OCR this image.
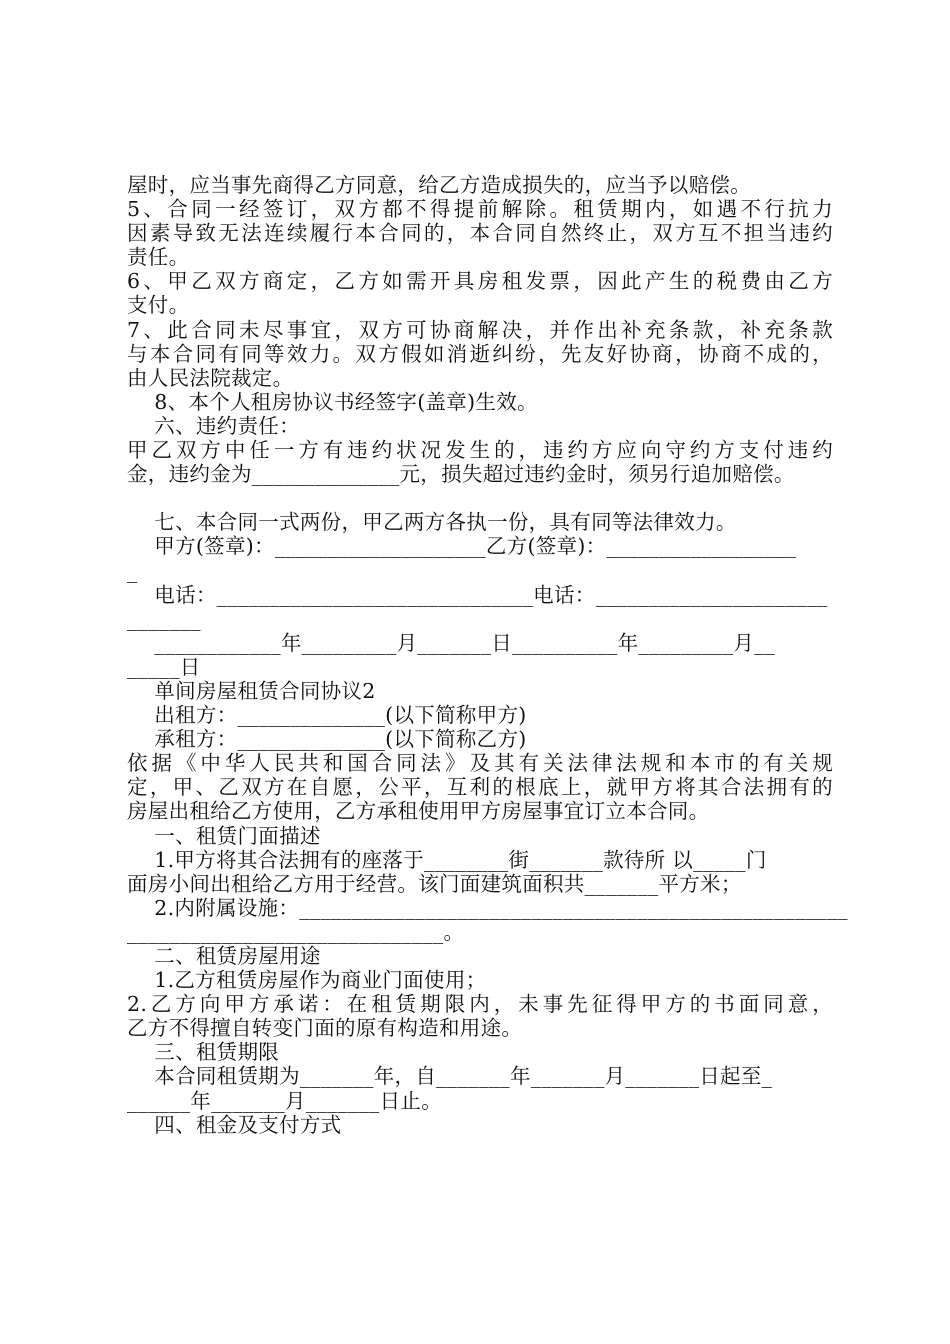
屋时，应当事先商得乙方同意，给乙方造成损失的，应当予以赔偿。
5、合同一经签订，双方都不得提前解除。租赁期内，如遇不行抗力
因素导致无法连续履行本合同的，本合同自然终止，双方互不担当违约
责任。
6、甲乙双方商定，乙方如需开具房租发票，因此产生的税费由乙方
支付。
7、此合同未尽事宜，双方可协商解决，并作出补充条款，补充条款
与本合同有同等效力。双方假如消逝纠纷，先友好协商，协商不成的，
由人民法院裁定。
8、本个人租房协议书经签字(盖章)生效。
六、违约责任：
甲乙双方中任一方有违约状况发生的，违约方应向守约方支付违约
金，违约金为______________元，损失超过违约金时，须另行追加赔偿。
七、本合同一式两份，甲乙两方各执一份，具有同等法律效力。
甲方(签章)：____________________乙方(签章)：__________________
_
电话：______________________________电话：______________________
_______
____________年_________月_______日__________年_________月__
_____日
单间房屋租赁合同协议2
出租方：______________(以下简称甲方)
承租方：______________(以下简称乙方)
依据《中华人民共和国合同法》及其有关法律法规和本市的有关规
定，甲、乙双方在自愿，公平，互利的根底上，就甲方将其合法拥有的
房屋出租给乙方使用，乙方承租使用甲方房屋事宜订立本合同。
一、租赁门面描述
1.甲方将其合法拥有的座落于________街_______款待所 以_____门
面房小间出租给乙方用于经营。该门面建筑面积共_______平方米；
2.内附属设施：____________________________________________________
______________________________。
二、租赁房屋用途
1.乙方租赁房屋作为商业门面使用；
2.乙方向甲方承诺：在租赁期限内，未事先征得甲方的书面同意，
乙方不得擅自转变门面的原有构造和用途。
三、租赁期限
本合同租赁期为_______年，自_______年_______月_______日起至_
______年_______月_______日止。
四、租金及支付方式
